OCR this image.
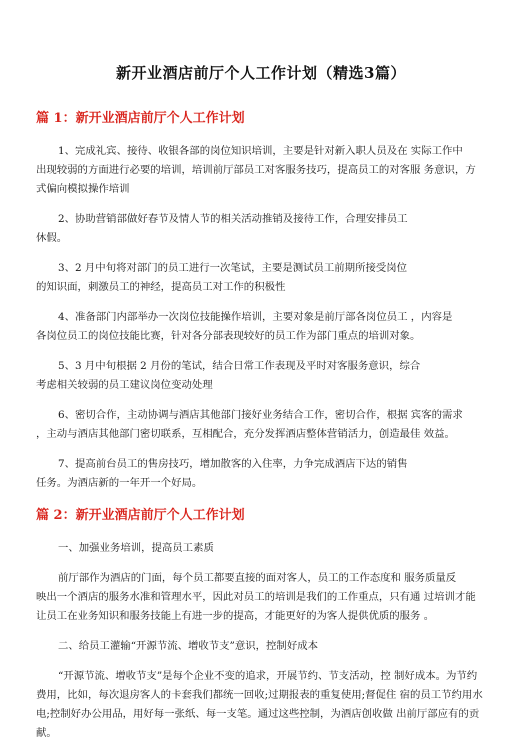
新开业酒店前厅个人工作计划（精选3篇）
篇 1：新开业酒店前厅个人工作计划
1、完成礼宾、接待、收银各部的岗位知识培训，主要是针对新入职人员及在 实际工作中
出现较弱的方面进行必要的培训，培训前厅部员工对客服务技巧，提高员工的对客服 务意识，方
式偏向模拟操作培训
2、协助营销部做好春节及情人节的相关活动推销及接待工作，合理安排员工
休假。
3、2 月中旬将对部门的员工进行一次笔试，主要是测试员工前期所接受岗位
的知识面，刺激员工的神经，提高员工对工作的积极性
4、准备部门内部举办一次岗位技能操作培训，主要对象是前厅部各岗位员工 ，内容是
各岗位员工的岗位技能比赛，针对各分部表现较好的员工作为部门重点的培训对象。
5、3 月中旬根据 2 月份的笔试，结合日常工作表现及平时对客服务意识，综合
考虑相关较弱的员工建议岗位变动处理
6、密切合作，主动协调与酒店其他部门接好业务结合工作，密切合作，根据 宾客的需求
，主动与酒店其他部门密切联系，互相配合，充分发挥酒店整体营销活力，创造最佳 效益。
7、提高前台员工的售房技巧，增加散客的入住率，力争完成酒店下达的销售
任务。为酒店新的一年开一个好局。
篇 2：新开业酒店前厅个人工作计划
一、加强业务培训，提高员工素质
前厅部作为酒店的门面，每个员工都要直接的面对客人，员工的工作态度和 服务质量反
映出一个酒店的服务水准和管理水平，因此对员工的培训是我们的工作重点，只有通 过培训才能
让员工在业务知识和服务技能上有进一步的提高，才能更好的为客人提供优质的服务 。
二、给员工灌输“开源节流、增收节支”意识，控制好成本
“开源节流、增收节支”是每个企业不变的追求，开展节约、节支活动，控 制好成本。为节约
费用，比如，每次退房客人的卡套我们都统一回收;过期报表的重复使用;督促住 宿的员工节约用水
电;控制好办公用品，用好每一张纸、每一支笔。通过这些控制，为酒店创收做 出前厅部应有的贡
献。
